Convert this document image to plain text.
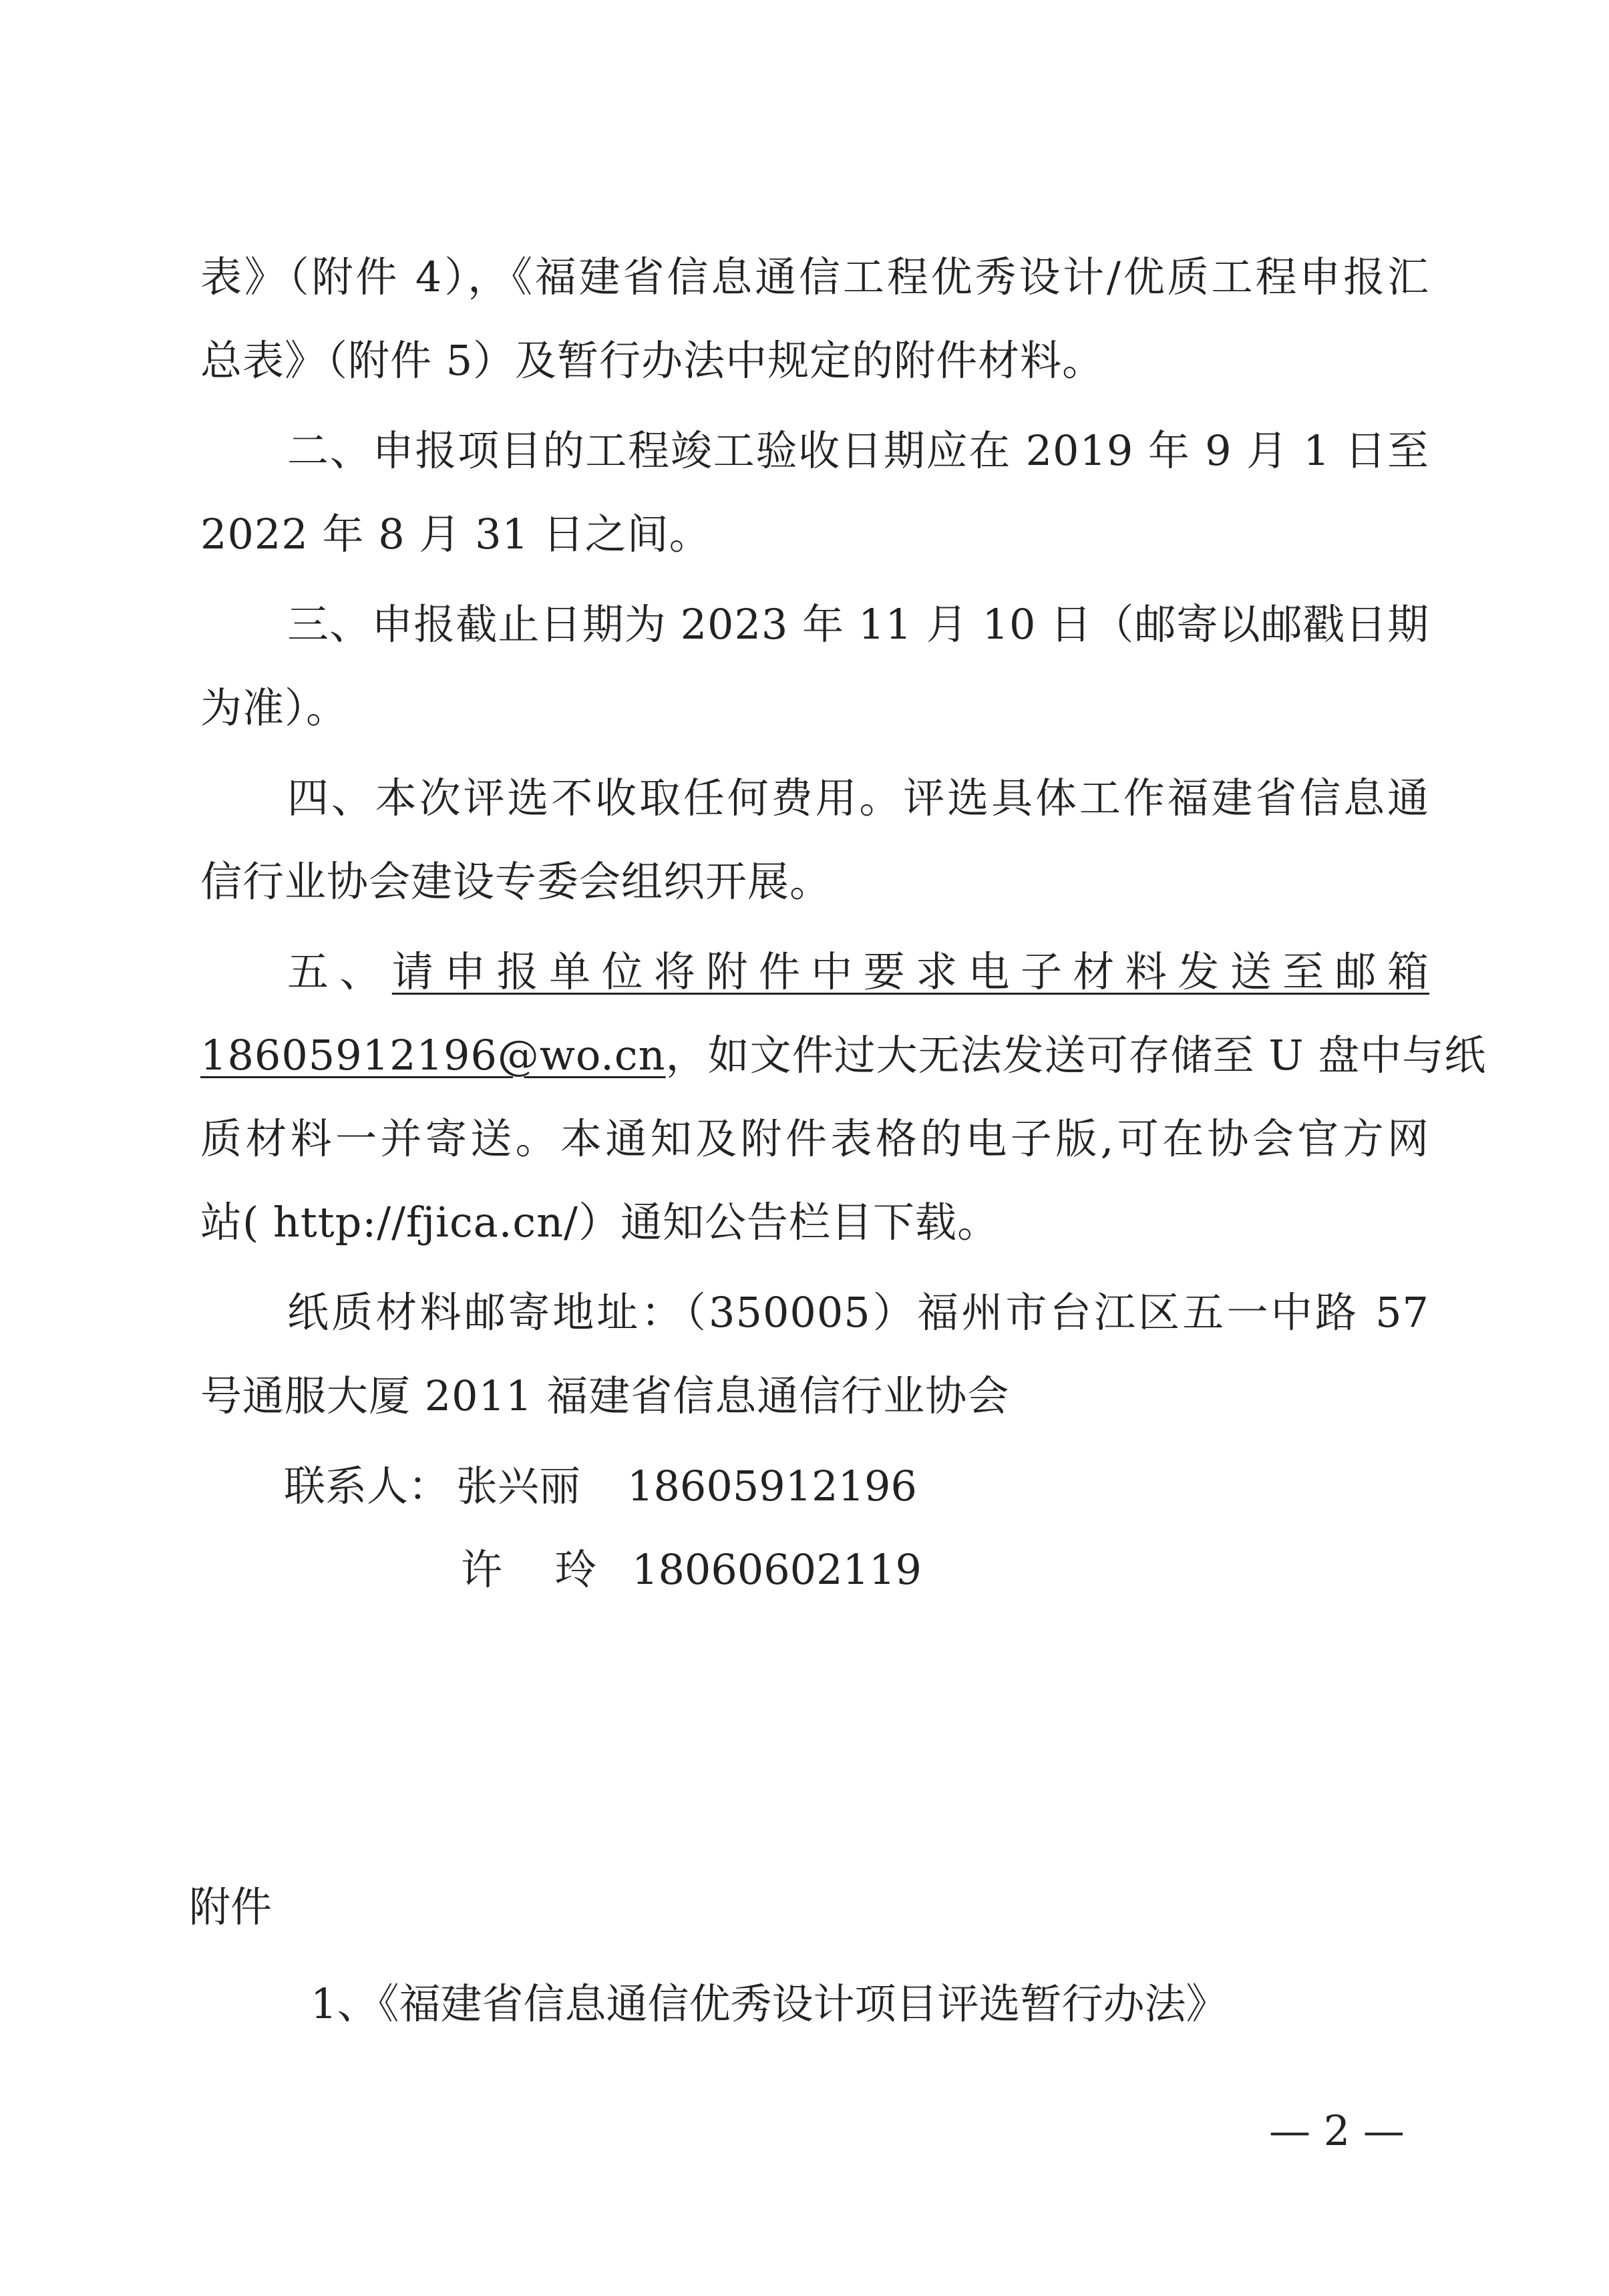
表》（附件 4），《福建省信息通信工程优秀设计/优质工程申报汇
总表》（附件 5）及暂行办法中规定的附件材料。
二、申报项目的工程竣工验收日期应在 2019 年 9 月 1 日至
2022 年 8 月 31 日之间。
三、申报截止日期为 2023 年 11 月 10 日（邮寄以邮戳日期
为准）。
四、本次评选不收取任何费用。评选具体工作福建省信息通
信行业协会建设专委会组织开展。
五、请申报单位将附件中要求电子材料发送至邮箱
18605912196@wo.cn，如文件过大无法发送可存储至 U 盘中与纸
质材料一并寄送。本通知及附件表格的电子版,可在协会官方网
站( http://fjica.cn/）通知公告栏目下载。
纸质材料邮寄地址：（350005）福州市台江区五一中路 57
号通服大厦 2011 福建省信息通信行业协会
联系人： 张兴丽 18605912196
许    玲 18060602119
附件
1、《福建省信息通信优秀设计项目评选暂行办法》
— 2 —
